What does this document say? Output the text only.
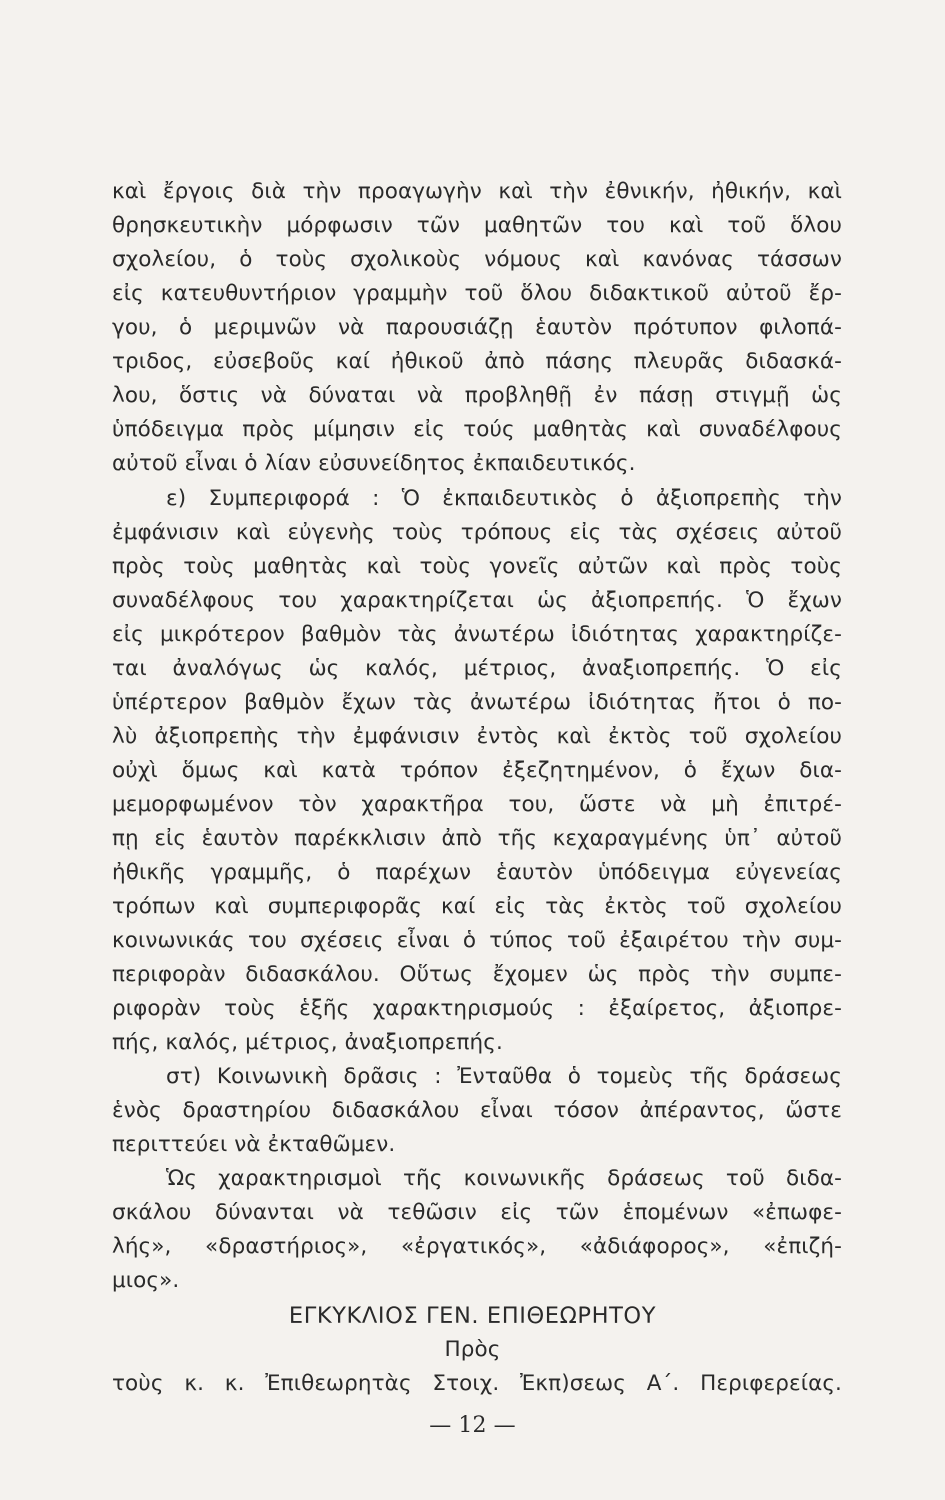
καὶ ἔργοις διὰ τὴν προαγωγὴν καὶ τὴν ἐθνικήν, ἠθικήν, καὶ
θρησκευτικὴν μόρφωσιν τῶν μαθητῶν του καὶ τοῦ ὅλου
σχολείου, ὁ τοὺς σχολικοὺς νόμους καὶ κανόνας τάσσων
εἰς κατευθυντήριον γραμμὴν τοῦ ὅλου διδακτικοῦ αὐτοῦ ἔρ-
γου, ὁ μεριμνῶν νὰ παρουσιάζῃ ἑαυτὸν πρότυπον φιλοπά-
τριδος, εὐσεβοῦς καί ἠθικοῦ ἀπὸ πάσης πλευρᾶς διδασκά-
λου, ὅστις νὰ δύναται νὰ προβληθῇ ἐν πάσῃ στιγμῇ ὡς
ὑπόδειγμα πρὸς μίμησιν εἰς τούς μαθητὰς καὶ συναδέλφους
αὐτοῦ εἶναι ὁ λίαν εὐσυνείδητος ἐκπαιδευτικός.
ε) Συμπεριφορά : Ὁ ἐκπαιδευτικὸς ὁ ἀξιοπρεπὴς τὴν
ἐμφάνισιν καὶ εὐγενὴς τοὺς τρόπους εἰς τὰς σχέσεις αὐτοῦ
πρὸς τοὺς μαθητὰς καὶ τοὺς γονεῖς αὐτῶν καὶ πρὸς τοὺς
συναδέλφους του χαρακτηρίζεται ὡς ἀξιοπρεπής. Ὁ ἔχων
εἰς μικρότερον βαθμὸν τὰς ἀνωτέρω ἰδιότητας χαρακτηρίζε-
ται ἀναλόγως ὡς καλός, μέτριος, ἀναξιοπρεπής. Ὁ εἰς
ὑπέρτερον βαθμὸν ἔχων τὰς ἀνωτέρω ἰδιότητας ἤτοι ὁ πο-
λὺ ἀξιοπρεπὴς τὴν ἐμφάνισιν ἐντὸς καὶ ἐκτὸς τοῦ σχολείου
οὐχὶ ὅμως καὶ κατὰ τρόπον ἐξεζητημένον, ὁ ἔχων δια-
μεμορφωμένον τὸν χαρακτῆρα του, ὥστε νὰ μὴ ἐπιτρέ-
πῃ εἰς ἑαυτὸν παρέκκλισιν ἀπὸ τῆς κεχαραγμένης ὑπ᾽ αὐτοῦ
ἠθικῆς γραμμῆς, ὁ παρέχων ἑαυτὸν ὑπόδειγμα εὐγενείας
τρόπων καὶ συμπεριφορᾶς καί εἰς τὰς ἐκτὸς τοῦ σχολείου
κοινωνικάς του σχέσεις εἶναι ὁ τύπος τοῦ ἐξαιρέτου τὴν συμ-
περιφορὰν διδασκάλου. Οὕτως ἔχομεν ὡς πρὸς τὴν συμπε-
ριφορὰν τοὺς ἑξῆς χαρακτηρισμούς : ἐξαίρετος, ἀξιοπρε-
πής, καλός, μέτριος, ἀναξιοπρεπής.
στ) Κοινωνικὴ δρᾶσις : Ἐνταῦθα ὁ τομεὺς τῆς δράσεως
ἑνὸς δραστηρίου διδασκάλου εἶναι τόσον ἀπέραντος, ὥστε
περιττεύει νὰ ἐκταθῶμεν.
Ὡς χαρακτηρισμοὶ τῆς κοινωνικῆς δράσεως τοῦ διδα-
σκάλου δύνανται νὰ τεθῶσιν εἰς τῶν ἑπομένων «ἐπωφε-
λής», «δραστήριος», «ἐργατικός», «ἀδιάφορος», «ἐπιζή-
μιος».
ΕΓΚΥΚΛΙΟΣ ΓΕΝ. ΕΠΙΘΕΩΡΗΤΟΥ
Πρὸς
τοὺς κ. κ. Ἐπιθεωρητὰς Στοιχ. Ἐκπ)σεως Α΄. Περιφερείας.
— 12 —
